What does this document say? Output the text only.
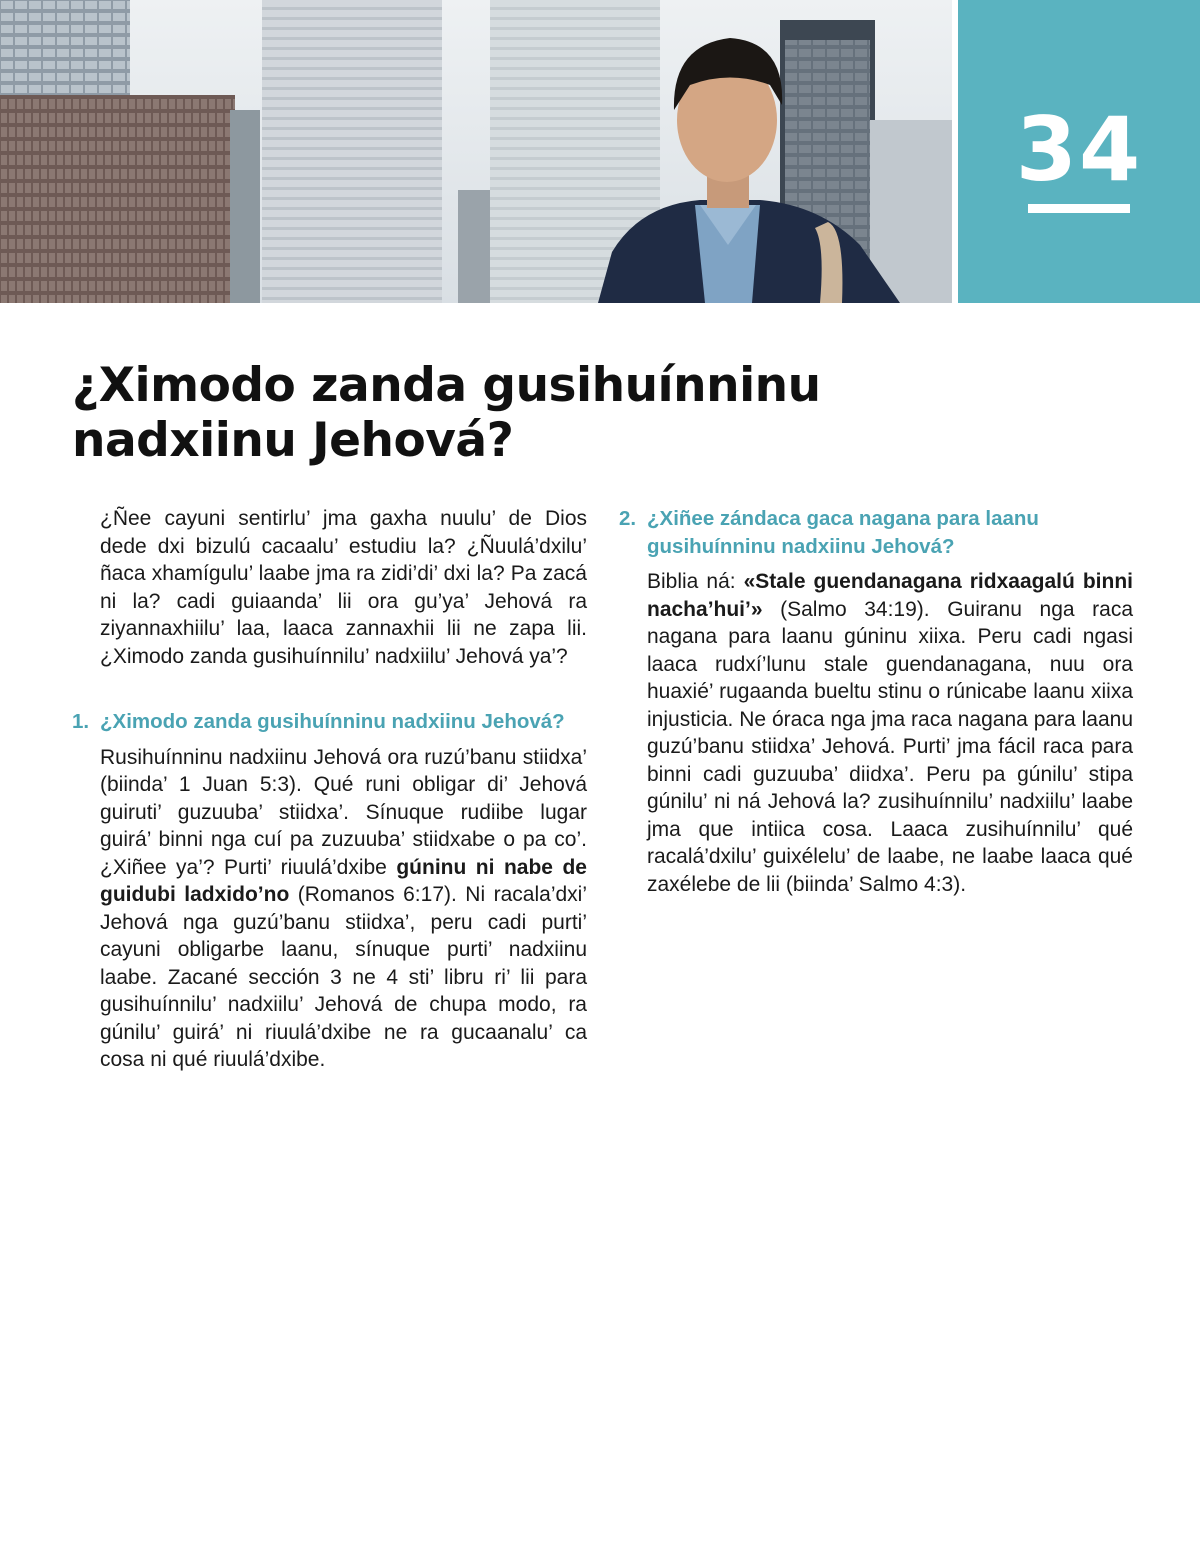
34
¿Ximodo zanda gusihuínninu nadxiinu Jehová?

¿Ñee cayuni sentirlu’ jma gaxha nuulu’ de Dios dede dxi bizulú cacaalu’ estudiu la? ¿Ñuulá’dxilu’ ñaca xhamígulu’ laabe jma ra zidi’di’ dxi la? Pa zacá ni la? cadi guiaanda’ lii ora gu’ya’ Jehová ra ziyannaxhiilu’ laa, laaca zannaxhii lii ne zapa lii. ¿Ximodo zanda gusihuínnilu’ nadxiilu’ Jehová ya’?

1. ¿Ximodo zanda gusihuínninu nadxiinu Jehová?

Rusihuínninu nadxiinu Jehová ora ruzú’banu stiidxa’ (biinda’ 1 Juan 5:3). Qué runi obligar di’ Jehová guiruti’ guzuuba’ stiidxa’. Sínuque rudiibe lugar guirá’ binni nga cuí pa zuzuuba’ stiidxabe o pa co’. ¿Xiñee ya’? Purti’ riuulá’dxibe gúninu ni nabe de guidubi ladxido’no (Romanos 6:17). Ni racala’dxi’ Jehová nga guzú’banu stiidxa’, peru cadi purti’ cayuni obligarbe laanu, sínuque purti’ nadxiinu laabe. Zacané sección 3 ne 4 sti’ libru ri’ lii para gusihuínnilu’ nadxiilu’ Jehová de chupa modo, ra gúnilu’ guirá’ ni riuulá’dxibe ne ra gucaanalu’ ca cosa ni qué riuulá’dxibe.

2. ¿Xiñee zándaca gaca nagana para laanu gusihuínninu nadxiinu Jehová?

Biblia ná: «Stale guendanagana ridxaagalú binni nacha’hui’» (Salmo 34:19). Guiranu nga raca nagana para laanu gúninu xiixa. Peru cadi ngasi laaca rudxí’lunu stale guendanagana, nuu ora huaxié’ rugaanda bueltu stinu o rúnicabe laanu xiixa injusticia. Ne óraca nga jma raca nagana para laanu guzú’banu stiidxa’ Jehová. Purti’ jma fácil raca para binni cadi guzuuba’ diidxa’. Peru pa gúnilu’ stipa gúnilu’ ni ná Jehová la? zusihuínnilu’ nadxiilu’ laabe jma que intiica cosa. Laaca zusihuínnilu’ qué racalá’dxilu’ guixélelu’ de laabe, ne laabe laaca qué zaxélebe de lii (biinda’ Salmo 4:3).
